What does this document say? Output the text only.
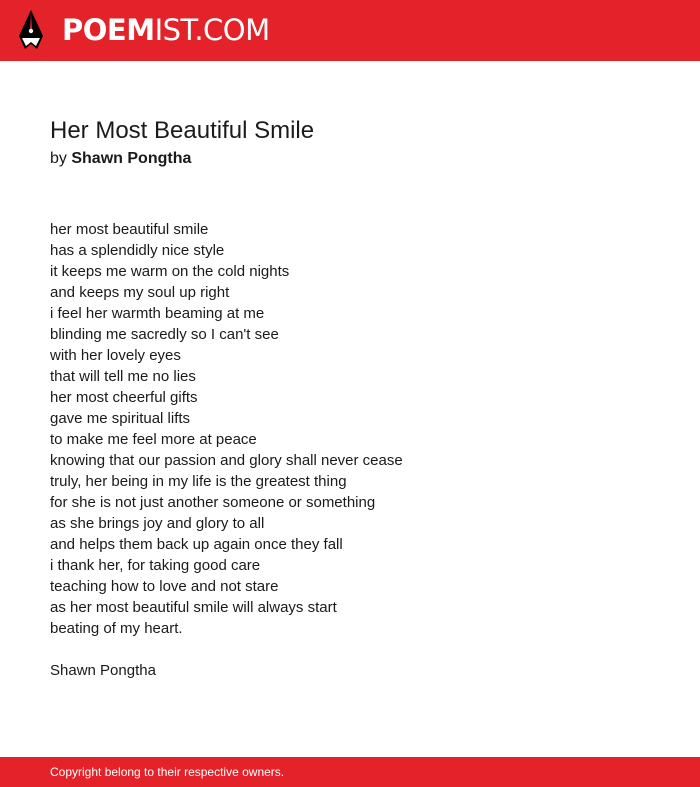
POEMIST.COM
Her Most Beautiful Smile
by Shawn Pongtha
her most beautiful smile
has a splendidly nice style
it keeps me warm on the cold nights
and keeps my soul up right
i feel her warmth beaming at me
blinding me sacredly so I can't see
with her lovely eyes
that will tell me no lies
her most cheerful gifts
gave me spiritual lifts
to make me feel more at peace
knowing that our passion and glory shall never cease
truly, her being in my life is the greatest thing
for she is not just another someone or something
as she brings joy and glory to all
and helps them back up again once they fall
i thank her, for taking good care
teaching how to love and not stare
as her most beautiful smile will always start
beating of my heart.
Shawn Pongtha
Copyright belong to their respective owners.
